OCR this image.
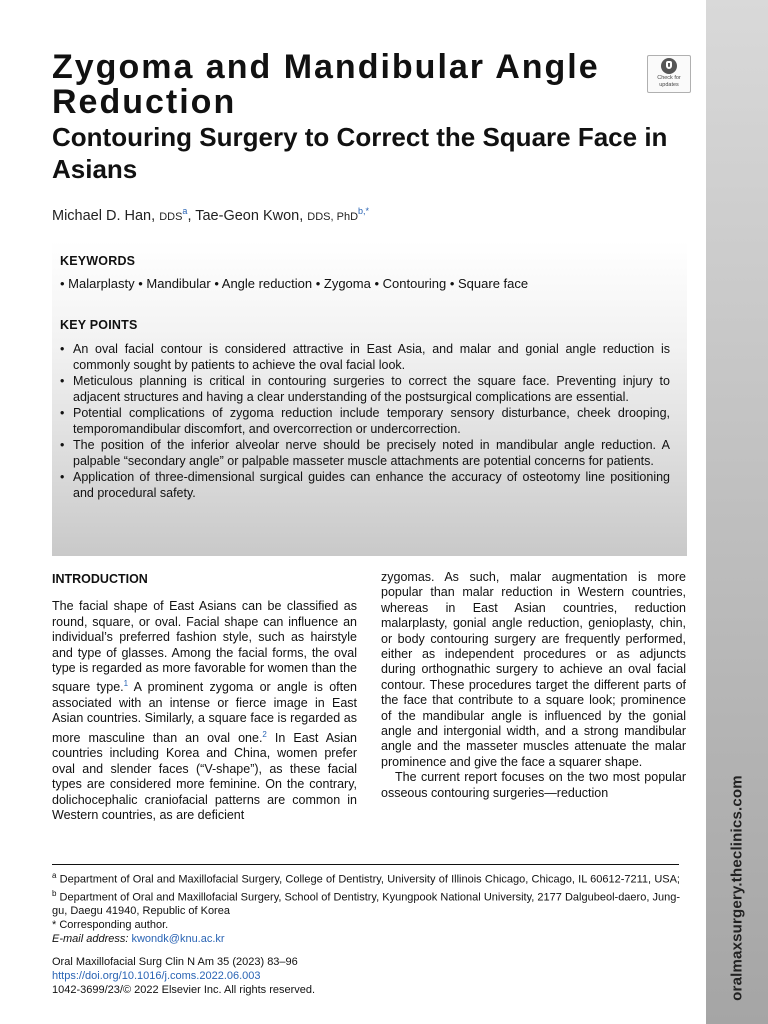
oralmaxsurgery.theclinics.com
Zygoma and Mandibular Angle Reduction
Contouring Surgery to Correct the Square Face in Asians
Check for
updates
Michael D. Han, DDS$^a$, Tae-Geon Kwon, DDS, PhD$^{b,*}$
KEYWORDS
• Malarplasty • Mandibular • Angle reduction • Zygoma • Contouring • Square face
KEY POINTS
• An oval facial contour is considered attractive in East Asia, and malar and gonial angle reduction is commonly sought by patients to achieve the oval facial look.
• Meticulous planning is critical in contouring surgeries to correct the square face. Preventing injury to adjacent structures and having a clear understanding of the postsurgical complications are essential.
• Potential complications of zygoma reduction include temporary sensory disturbance, cheek drooping, temporomandibular discomfort, and overcorrection or undercorrection.
• The position of the inferior alveolar nerve should be precisely noted in mandibular angle reduction. A palpable “secondary angle” or palpable masseter muscle attachments are potential concerns for patients.
• Application of three-dimensional surgical guides can enhance the accuracy of osteotomy line positioning and procedural safety.
INTRODUCTION

The facial shape of East Asians can be classified as round, square, or oval. Facial shape can influence an individual’s preferred fashion style, such as hairstyle and type of glasses. Among the facial forms, the oval type is regarded as more favorable for women than the square type.$^1$ A prominent zygoma or angle is often associated with an intense or fierce image in East Asian countries. Similarly, a square face is regarded as more masculine than an oval one.$^2$ In East Asian countries including Korea and China, women prefer oval and slender faces (“V-shape”), as these facial types are considered more feminine. On the contrary, dolichocephalic craniofacial patterns are common in Western countries, as are deficient

zygomas. As such, malar augmentation is more popular than malar reduction in Western countries, whereas in East Asian countries, reduction malarplasty, gonial angle reduction, genioplasty, chin, or body contouring surgery are frequently performed, either as independent procedures or as adjuncts during orthognathic surgery to achieve an oval facial contour. These procedures target the different parts of the face that contribute to a square look; prominence of the mandibular angle is influenced by the gonial angle and intergonial width, and a strong mandibular angle and the masseter muscles attenuate the malar prominence and give the face a squarer shape.

The current report focuses on the two most popular osseous contouring surgeries—reduction

$^a$ Department of Oral and Maxillofacial Surgery, College of Dentistry, University of Illinois Chicago, Chicago, IL 60612-7211, USA; $^b$ Department of Oral and Maxillofacial Surgery, School of Dentistry, Kyungpook National University, 2177 Dalgubeol-daero, Jung-gu, Daegu 41940, Republic of Korea

* Corresponding author.

E-mail address: kwondk@knu.ac.kr

Oral Maxillofacial Surg Clin N Am 35 (2023) 83–96

https://doi.org/10.1016/j.coms.2022.06.003

1042-3699/23/© 2022 Elsevier Inc. All rights reserved.
